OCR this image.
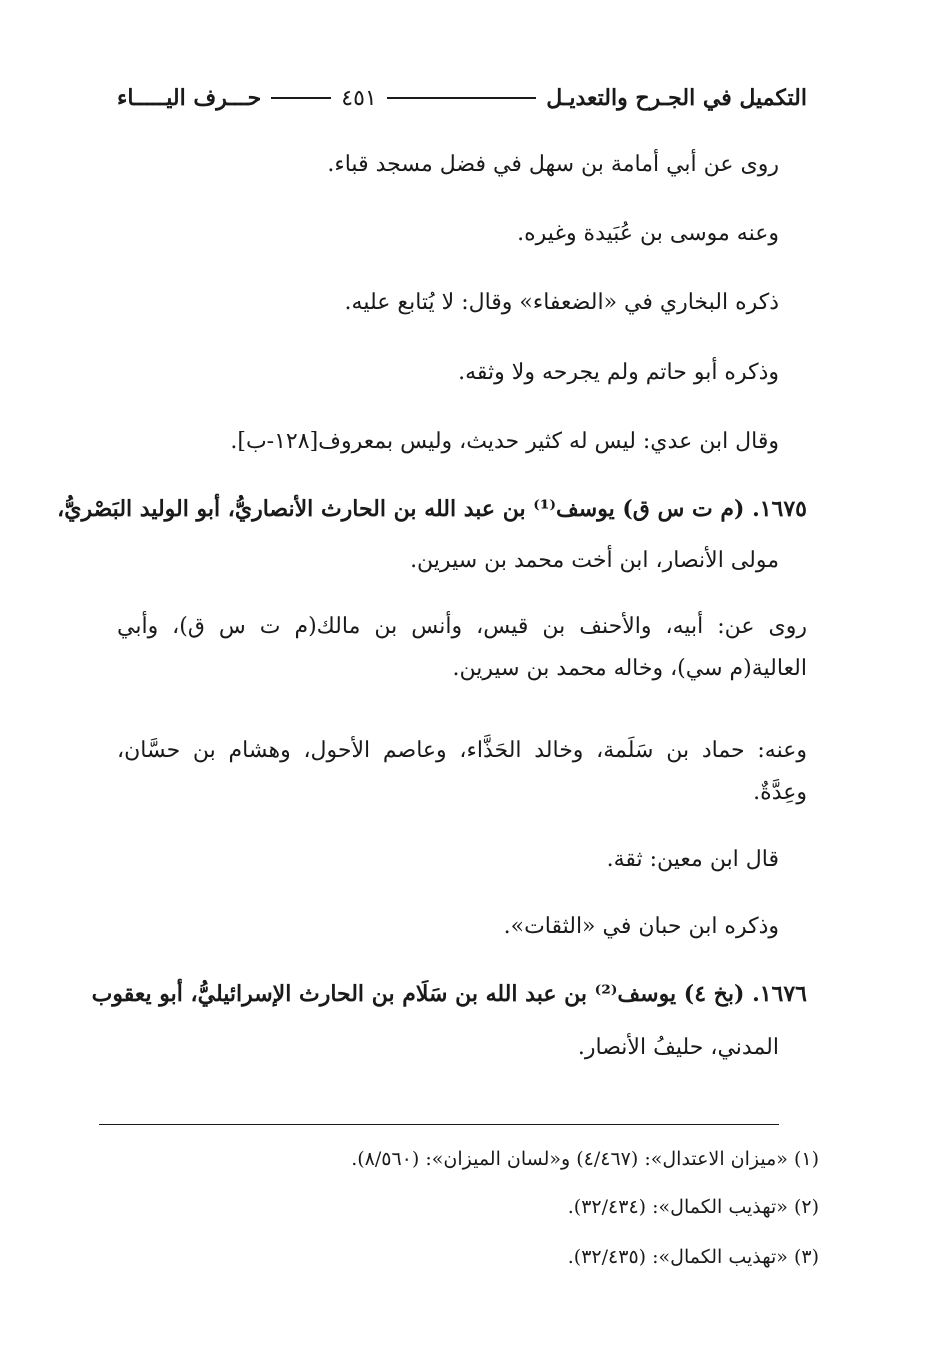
التكميل في الجـرح والتعديـل
٤٥١
حـــرف اليـــــاء
روى عن أبي أمامة بن سهل في فضل مسجد قباء.
وعنه موسى بن عُبَيدة وغيره.
ذكره البخاري في «الضعفاء» وقال: لا يُتابع عليه.
وذكره أبو حاتم ولم يجرحه ولا وثقه.
وقال ابن عدي: ليس له كثير حديث، وليس بمعروف[١٢٨-ب].
١٦٧٥. (م ت س ق) يوسف⁽¹⁾ بن عبد الله بن الحارث الأنصاريُّ، أبو الوليد البَصْريُّ،
مولى الأنصار، ابن أخت محمد بن سيرين.
روى عن: أبيه، والأحنف بن قيس، وأنس بن مالك(م ت س ق)، وأبي العالية(م سي)، وخاله محمد بن سيرين.
وعنه: حماد بن سَلَمة، وخالد الحَذَّاء، وعاصم الأحول، وهشام بن حسَّان، وعِدَّةٌ.
قال ابن معين: ثقة.
وذكره ابن حبان في «الثقات».
١٦٧٦. (بخ ٤) يوسف⁽²⁾ بن عبد الله بن سَلَام بن الحارث الإسرائيليُّ، أبو يعقوب
المدني، حليفُ الأنصار.
(١) «ميزان الاعتدال»: (٤/٤٦٧) و«لسان الميزان»: (٨/٥٦٠).
(٢) «تهذيب الكمال»: (٣٢/٤٣٤).
(٣) «تهذيب الكمال»: (٣٢/٤٣٥).
